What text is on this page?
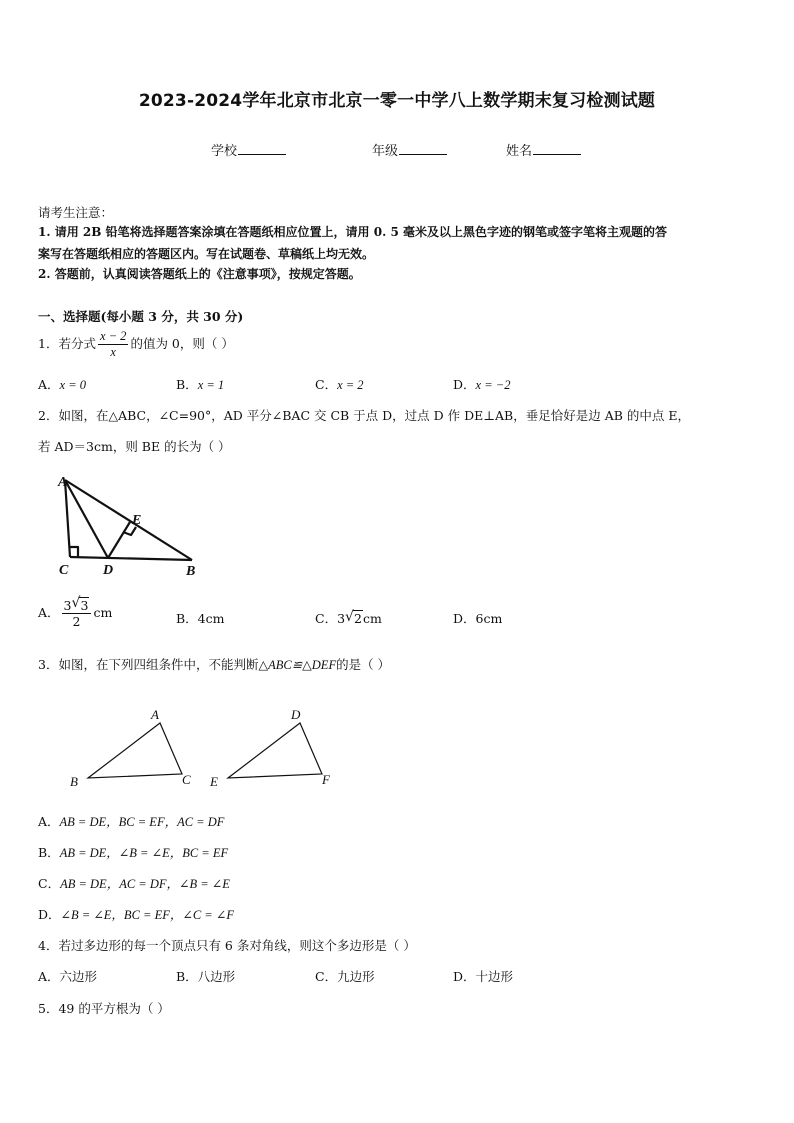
2023-2024学年北京市北京一零一中学八上数学期末复习检测试题
学校	年级	姓名
请考生注意：
1. 请用 2B 铅笔将选择题答案涂填在答题纸相应位置上，请用 0. 5 毫米及以上黑色字迹的钢笔或签字笔将主观题的答
案写在答题纸相应的答题区内。写在试题卷、草稿纸上均无效。
2. 答题前，认真阅读答题纸上的《注意事项》，按规定答题。
一、选择题(每小题 3 分，共 30 分)
1．若分式 $\frac{x - 2}{x}$ 的值为 0，则（ ）
A．x = 0	B．x = 1	C．x = 2	D．x = −2
2．如图，在△ABC，∠C=90°，AD 平分∠BAC 交 CB 于点 D，过点 D 作 DE⊥AB，垂足恰好是边 AB 的中点 E，
若 AD＝3cm，则 BE 的长为（ ）
A
C D
E
B
A． $\frac{3 √ 3}{2}$ cm	B．4cm	C．3 √ 2cm	D．6cm
3．如图，在下列四组条件中，不能判断△ABC≌△DEF的是（ ）
A
B	C
D
E	F
A．AB = DE，BC = EF，AC = DF
B．AB = DE，∠B = ∠E，BC = EF
C．AB = DE，AC = DF，∠B = ∠E
D．∠B = ∠E，BC = EF，∠C = ∠F
4．若过多边形的每一个顶点只有 6 条对角线，则这个多边形是（ ）
A．六边形	B．八边形	C．九边形	D．十边形
5．49 的平方根为（ ）
